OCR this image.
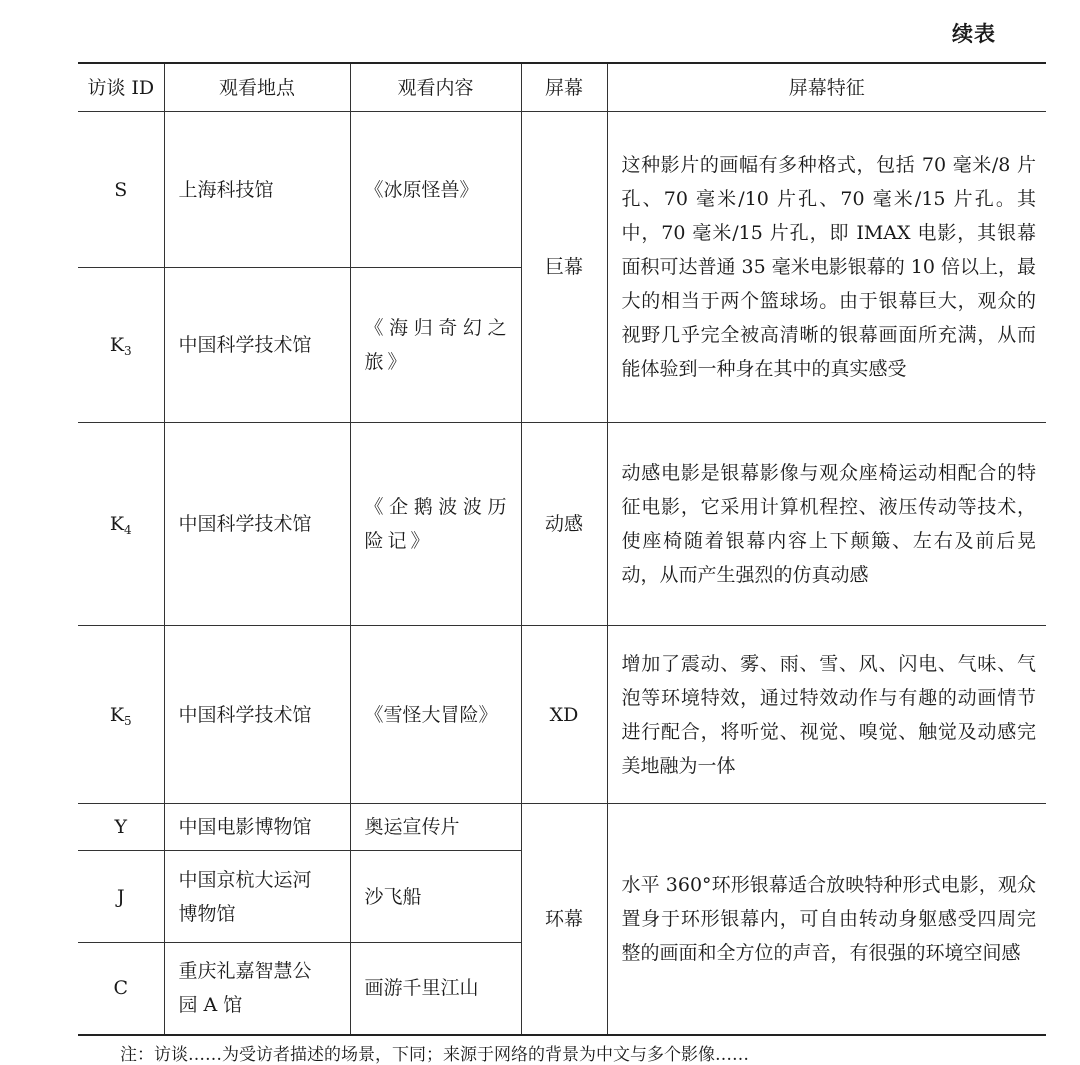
续表
访谈 ID	观看地点	观看内容	屏幕	屏幕特征
S	上海科技馆	《冰原怪兽》	巨幕	这种影片的画幅有多种格式，包括 70 毫米/8 片孔、70 毫米/10 片孔、70 毫米/15 片孔。其中，70 毫米/15 片孔，即 IMAX 电影，其银幕面积可达普通 35 毫米电影银幕的 10 倍以上，最大的相当于两个篮球场。由于银幕巨大，观众的视野几乎完全被高清晰的银幕画面所充满，从而能体验到一种身在其中的真实感受
$K_3$	中国科学技术馆	《海归奇幻之旅》		
$K_4$	中国科学技术馆	《企鹅波波历险记》	动感	动感电影是银幕影像与观众座椅运动相配合的特征电影，它采用计算机程控、液压传动等技术，使座椅随着银幕内容上下颠簸、左右及前后晃动，从而产生强烈的仿真动感
$K_5$	中国科学技术馆	《雪怪大冒险》	XD	增加了震动、雾、雨、雪、风、闪电、气味、气泡等环境特效，通过特效动作与有趣的动画情节进行配合，将听觉、视觉、嗅觉、触觉及动感完美地融为一体
Y	中国电影博物馆	奥运宣传片	环幕	水平 360°环形银幕适合放映特种形式电影，观众置身于环形银幕内，可自由转动身躯感受四周完整的画面和全方位的声音，有很强的环境空间感
J	中国京杭大运河博物馆	沙飞船		
C	重庆礼嘉智慧公园 A 馆	画游千里江山		
注：访谈……为受访者描述的场景，下同；来源于网络的背景为中文与多个影像……
